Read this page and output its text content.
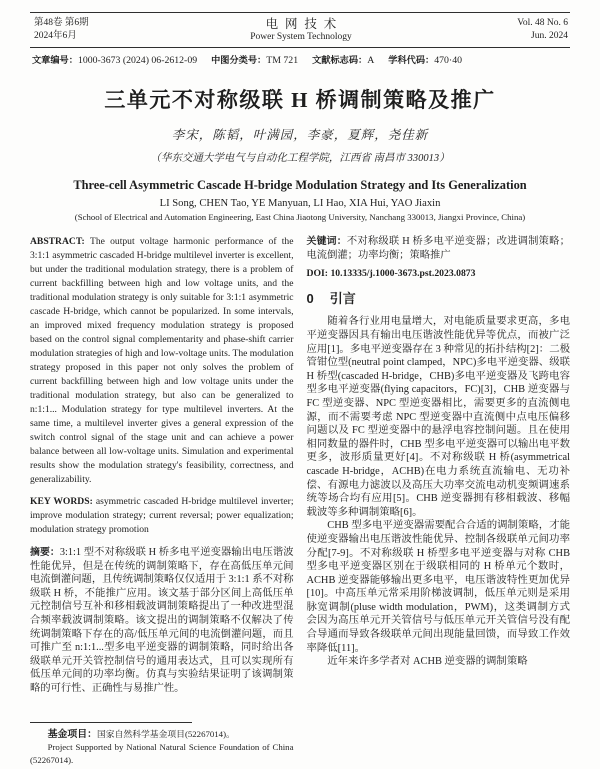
第48卷 第6期
2024年6月
电网技术
Power System Technology
Vol. 48 No. 6
Jun. 2024
文章编号：1000-3673 (2024) 06-2612-09 中图分类号：TM 721 文献标志码：A 学科代码：470·40
三单元不对称级联 H 桥调制策略及推广
李宋，陈韬，叶满园，李豪，夏辉，尧佳新
（华东交通大学电气与自动化工程学院，江西省 南昌市 330013）
Three-cell Asymmetric Cascade H-bridge Modulation Strategy and Its Generalization
LI Song, CHEN Tao, YE Manyuan, LI Hao, XIA Hui, YAO Jiaxin
(School of Electrical and Automation Engineering, East China Jiaotong University, Nanchang 330013, Jiangxi Province, China)

ABSTRACT: The output voltage harmonic performance of the 3:1:1 asymmetric cascaded H-bridge multilevel inverter is excellent, but under the traditional modulation strategy, there is a problem of current backfilling between high and low voltage units, and the traditional modulation strategy is only suitable for 3:1:1 asymmetric cascade H-bridge, which cannot be popularized. In some intervals, an improved mixed frequency modulation strategy is proposed based on the control signal complementarity and phase-shift carrier modulation strategies of high and low-voltage units. The modulation strategy proposed in this paper not only solves the problem of current backfilling between high and low voltage units under the traditional modulation strategy, but also can be generalized to n:1:1... Modulation strategy for type multilevel inverters. At the same time, a multilevel inverter gives a general expression of the switch control signal of the stage unit and can achieve a power balance between all low-voltage units. Simulation and experimental results show the modulation strategy's feasibility, correctness, and generalizability.

KEY WORDS: asymmetric cascaded H-bridge multilevel inverter; improve modulation strategy; current reversal; power equalization; modulation strategy promotion

摘要：3:1:1 型不对称级联 H 桥多电平逆变器输出电压谐波性能优异，但是在传统的调制策略下，存在高低压单元间电流倒灌问题，且传统调制策略仅仅适用于 3:1:1 系不对称级联 H 桥，不能推广应用。该文基于部分区间上高低压单元控制信号互补和移相载波调制策略提出了一种改进型混合频率载波调制策略。该文提出的调制策略不仅解决了传统调制策略下存在的高/低压单元间的电流倒灌问题，而且可推广至 n:1:1...型多电平逆变器的调制策略，同时给出各级联单元开关管控制信号的通用表达式，且可以实现所有低压单元间的功率均衡。仿真与实验结果证明了该调制策略的可行性、正确性与易推广性。

基金项目：国家自然科学基金项目(52267014)。

Project Supported by National Natural Science Foundation of China (52267014).

关键词：不对称级联 H 桥多电平逆变器；改进调制策略；电流倒灌；功率均衡；策略推广

DOI: 10.13335/j.1000-3673.pst.2023.0873

0 引言

随着各行业用电量增大，对电能质量要求更高，多电平逆变器因具有输出电压谐波性能优异等优点，而被广泛应用[1]。多电平逆变器存在 3 种常见的拓扑结构[2]：二极管钳位型(neutral point clamped，NPC)多电平逆变器、级联 H 桥型(cascaded H-bridge，CHB)多电平逆变器及飞跨电容型多电平逆变器(flying capacitors，FC)[3]，CHB 逆变器与 FC 型逆变器、NPC 型逆变器相比，需要更多的直流侧电源，而不需要考虑 NPC 型逆变器中直流侧中点电压偏移问题以及 FC 型逆变器中的悬浮电容控制问题。且在使用相同数量的器件时，CHB 型多电平逆变器可以输出电平数更多，波形质量更好[4]。不对称级联 H 桥(asymmetrical cascade H-bridge，ACHB)在电力系统直流输电、无功补偿、有源电力滤波以及高压大功率交流电动机变频调速系统等场合均有应用[5]。CHB 逆变器拥有移相载波、移幅载波等多种调制策略[6]。

CHB 型多电平逆变器需要配合合适的调制策略，才能使逆变器输出电压谐波性能优异、控制各级联单元间功率分配[7-9]。不对称级联 H 桥型多电平逆变器与对称 CHB 型多电平逆变器区别在于级联相同的 H 桥单元个数时，ACHB 逆变器能够输出更多电平，电压谐波特性更加优异[10]。中高压单元常采用阶梯波调制，低压单元则是采用脉宽调制(pluse width modulation，PWM)，这类调制方式会因为高压单元开关管信号与低压单元开关管信号没有配合导通而导致各级联单元间出现能量回馈，而导致工作效率降低[11]。

近年来许多学者对 ACHB 逆变器的调制策略
